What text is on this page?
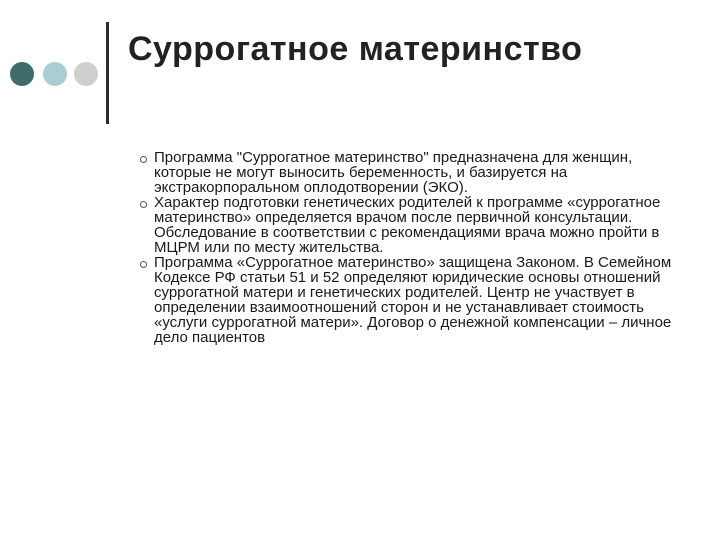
Суррогатное материнство
Программа "Суррогатное материнство" предназначена для женщин, которые не могут выносить беременность, и базируется на экстракорпоральном оплодотворении (ЭКО).
Характер подготовки генетических родителей к программе «суррогатное материнство» определяется врачом после первичной консультации. Обследование в соответствии с рекомендациями врача можно пройти в МЦРМ или по месту жительства.
Программа «Суррогатное материнство» защищена Законом. В Семейном Кодексе РФ статьи 51 и 52 определяют юридические основы отношений суррогатной матери и генетических родителей. Центр не участвует в определении взаимоотношений сторон и не устанавливает стоимость «услуги суррогатной матери». Договор о денежной компенсации – личное дело пациентов
